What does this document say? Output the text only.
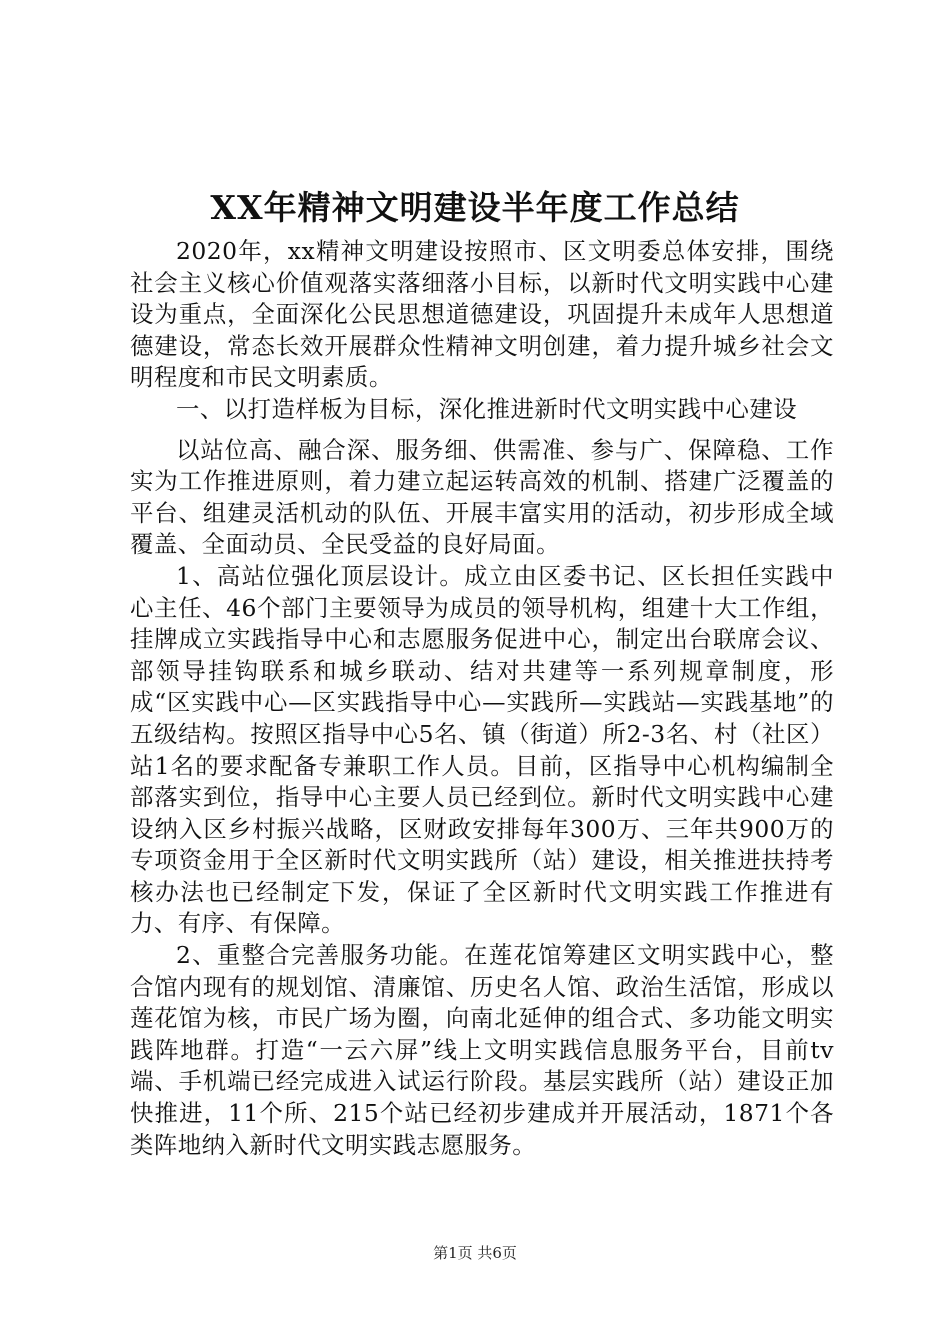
XX年精神文明建设半年度工作总结

2020年，xx精神文明建设按照市、区文明委总体安排，围绕社会主义核心价值观落实落细落小目标，以新时代文明实践中心建设为重点，全面深化公民思想道德建设，巩固提升未成年人思想道德建设，常态长效开展群众性精神文明创建，着力提升城乡社会文明程度和市民文明素质。

一、以打造样板为目标，深化推进新时代文明实践中心建设

以站位高、融合深、服务细、供需准、参与广、保障稳、工作实为工作推进原则，着力建立起运转高效的机制、搭建广泛覆盖的平台、组建灵活机动的队伍、开展丰富实用的活动，初步形成全域覆盖、全面动员、全民受益的良好局面。

1、高站位强化顶层设计。成立由区委书记、区长担任实践中心主任、46个部门主要领导为成员的领导机构，组建十大工作组，挂牌成立实践指导中心和志愿服务促进中心，制定出台联席会议、部领导挂钩联系和城乡联动、结对共建等一系列规章制度，形成“区实践中心—区实践指导中心—实践所—实践站—实践基地”的五级结构。按照区指导中心5名、镇（街道）所2-3名、村（社区）站1名的要求配备专兼职工作人员。目前，区指导中心机构编制全部落实到位，指导中心主要人员已经到位。新时代文明实践中心建设纳入区乡村振兴战略，区财政安排每年300万、三年共900万的专项资金用于全区新时代文明实践所（站）建设，相关推进扶持考核办法也已经制定下发，保证了全区新时代文明实践工作推进有力、有序、有保障。

2、重整合完善服务功能。在莲花馆筹建区文明实践中心，整合馆内现有的规划馆、清廉馆、历史名人馆、政治生活馆，形成以莲花馆为核，市民广场为圈，向南北延伸的组合式、多功能文明实践阵地群。打造“一云六屏”线上文明实践信息服务平台，目前tv端、手机端已经完成进入试运行阶段。基层实践所（站）建设正加快推进，11个所、215个站已经初步建成并开展活动，1871个各类阵地纳入新时代文明实践志愿服务。

第1页 共6页
